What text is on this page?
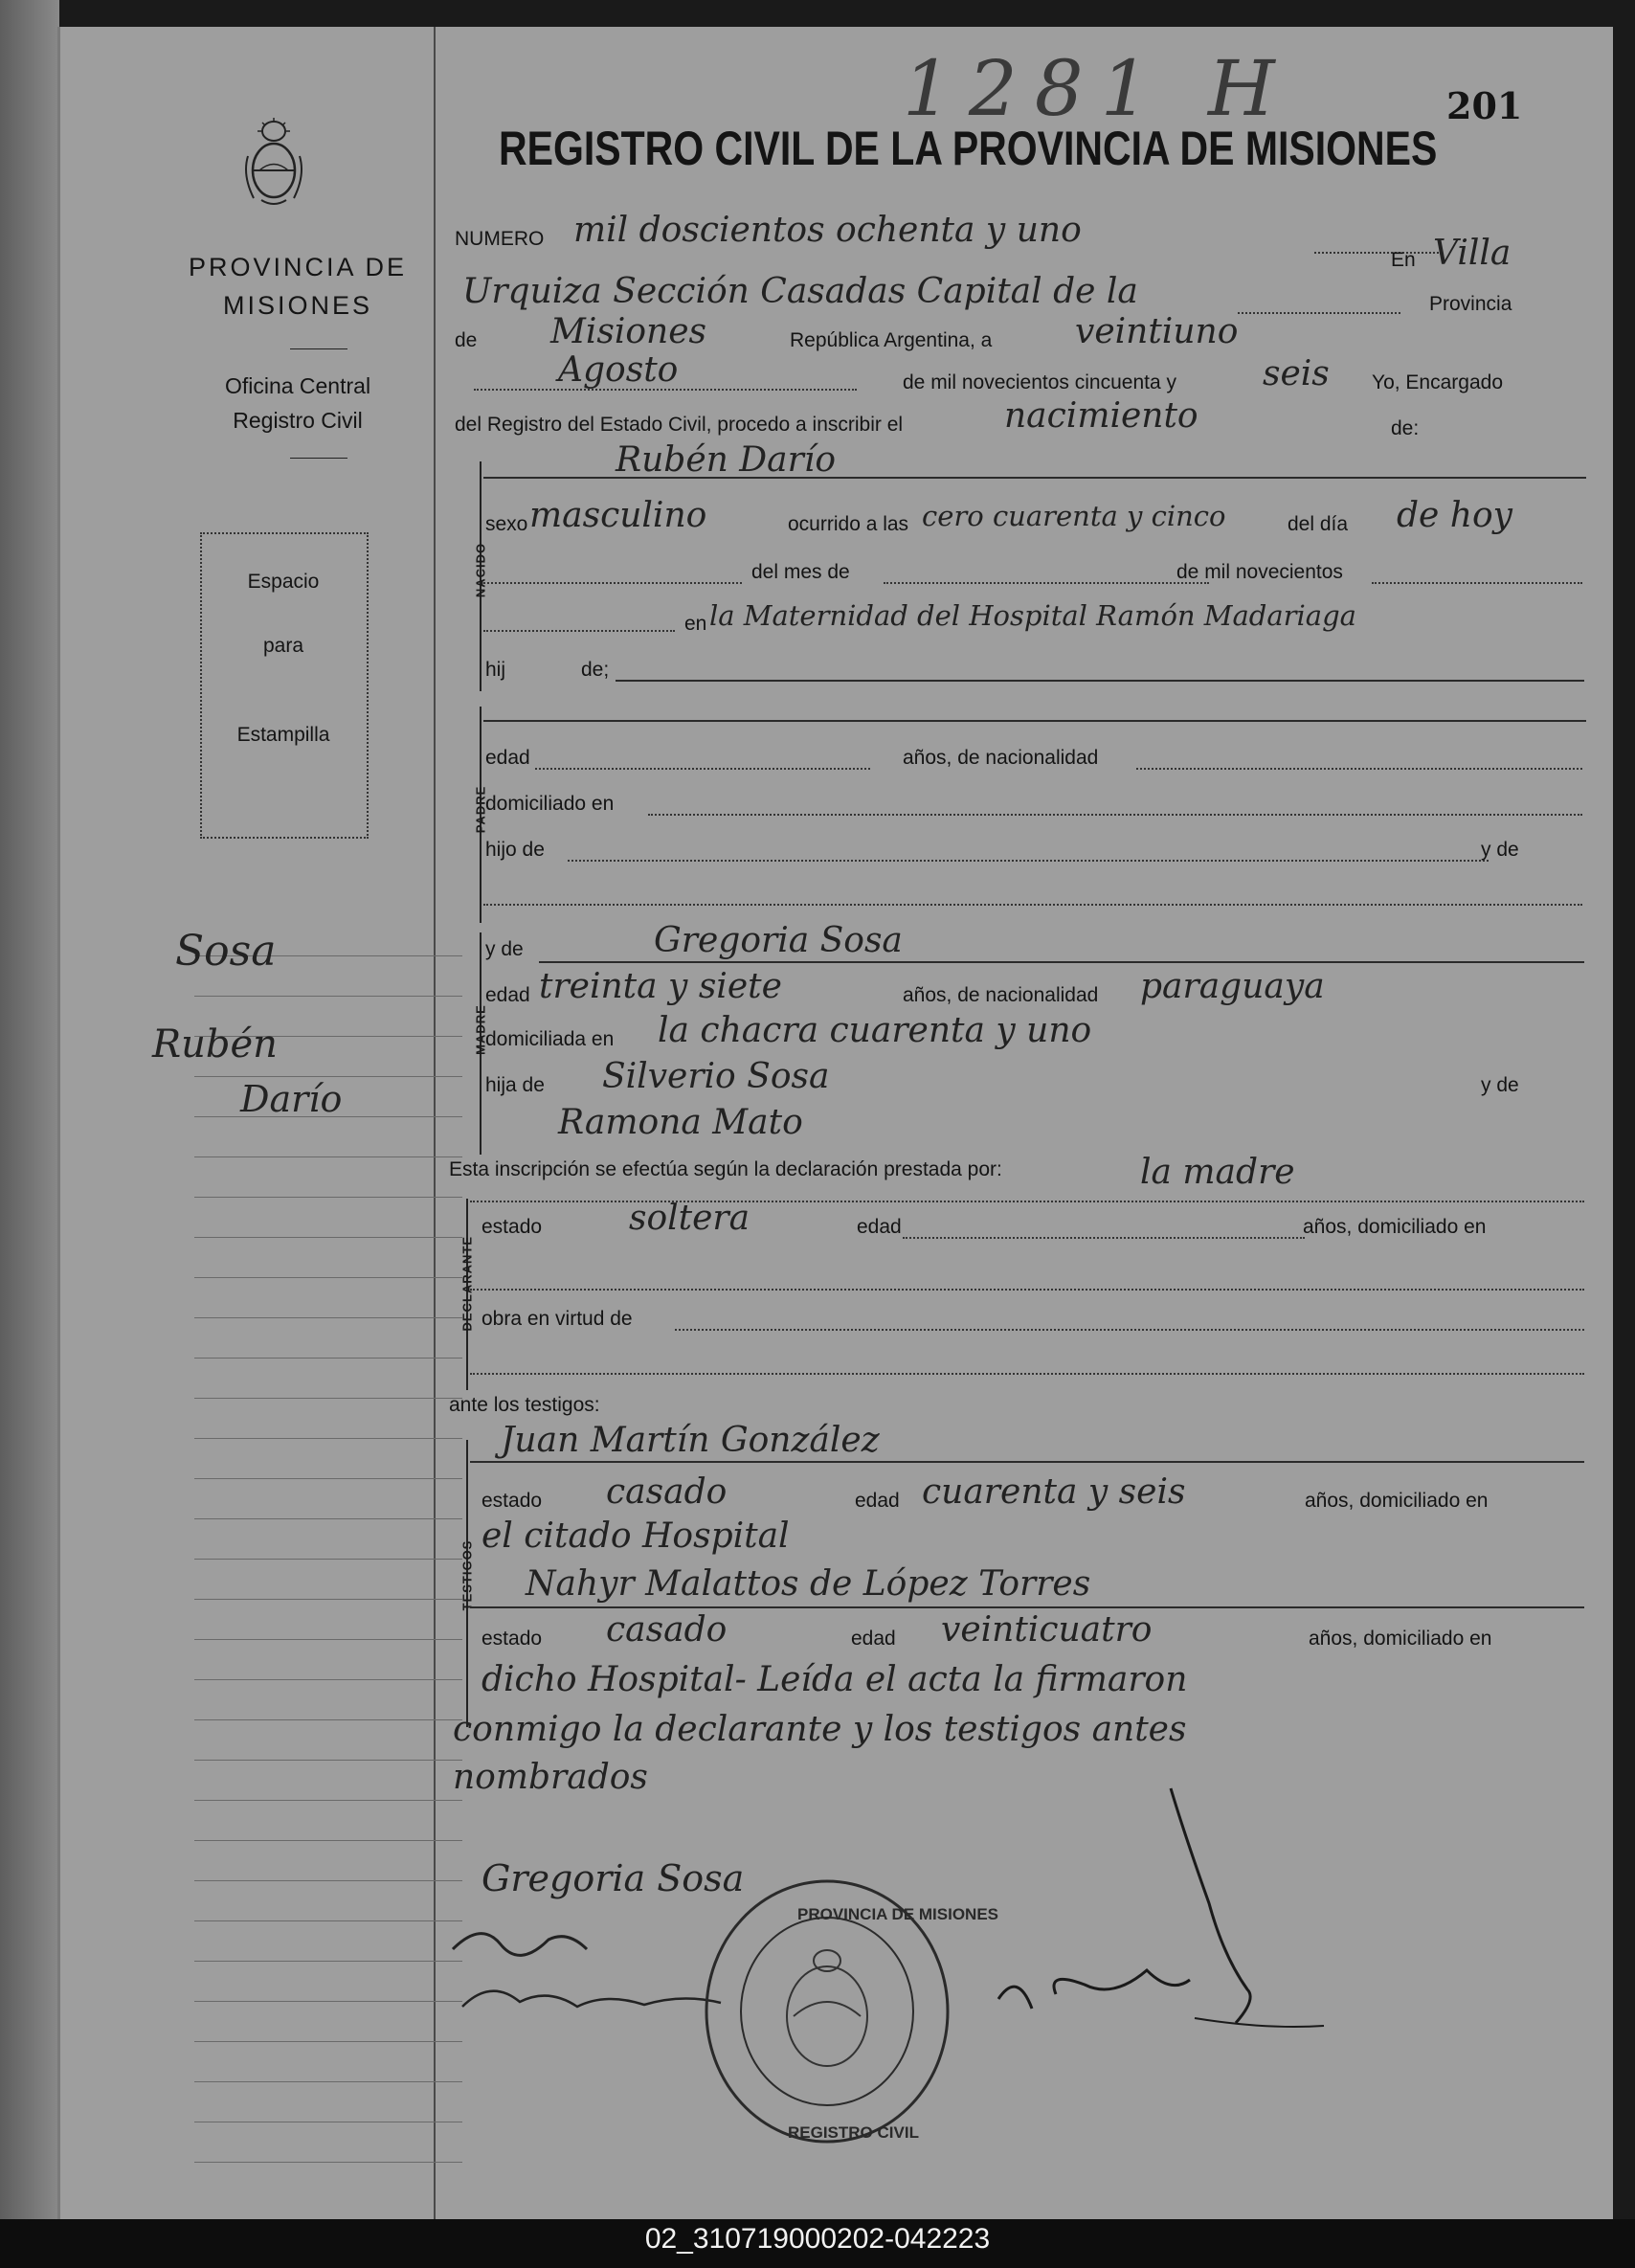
PROVINCIA DE
MISIONES
Oficina Central
Registro Civil
Espacio
para
Estampilla
Sosa
Rubén
Darío
1281 H	201
REGISTRO CIVIL DE LA PROVINCIA DE MISIONES
NUMERO mil doscientos ochenta y uno
En Villa
Urquiza Sección Casadas Capital de la	Provincia
de Misiones	República Argentina, a veintiuno
Agosto	de mil novecientos cincuenta y	seis Yo, Encargado
del Registro del Estado Civil, procedo a inscribir el	nacimiento	de:
NACIDO
Rubén Darío
sexo masculino	ocurrido a las cero cuarenta y cinco	del día de hoy
del mes de	de mil novecientos
en la Maternidad del Hospital Ramón Madariaga
hij	de;
PADRE
edad	años, de nacionalidad
domiciliado en
hijo de	y de
MADRE
y de	Gregoria Sosa
edad treinta y siete	años, de nacionalidad paraguaya
domiciliada en la chacra cuarenta y uno
hija de Silverio Sosa	y de
Ramona Mato
Esta inscripción se efectúa según la declaración prestada por:	la madre
DECLARANTE
estado	soltera	edad	años, domiciliado en
obra en virtud de
ante los testigos:
TESTIGOS
Juan Martín González
estado casado	edad cuarenta y seis	años, domiciliado en
el citado Hospital
Nahyr Malattos de López Torres
estado casado	edad veinticuatro	años, domiciliado en
dicho Hospital- Leída el acta la firmaron
conmigo la declarante y los testigos antes
nombrados
Gregoria Sosa
PROVINCIA DE MISIONES
REGISTRO CIVIL
02_310719000202-042223
